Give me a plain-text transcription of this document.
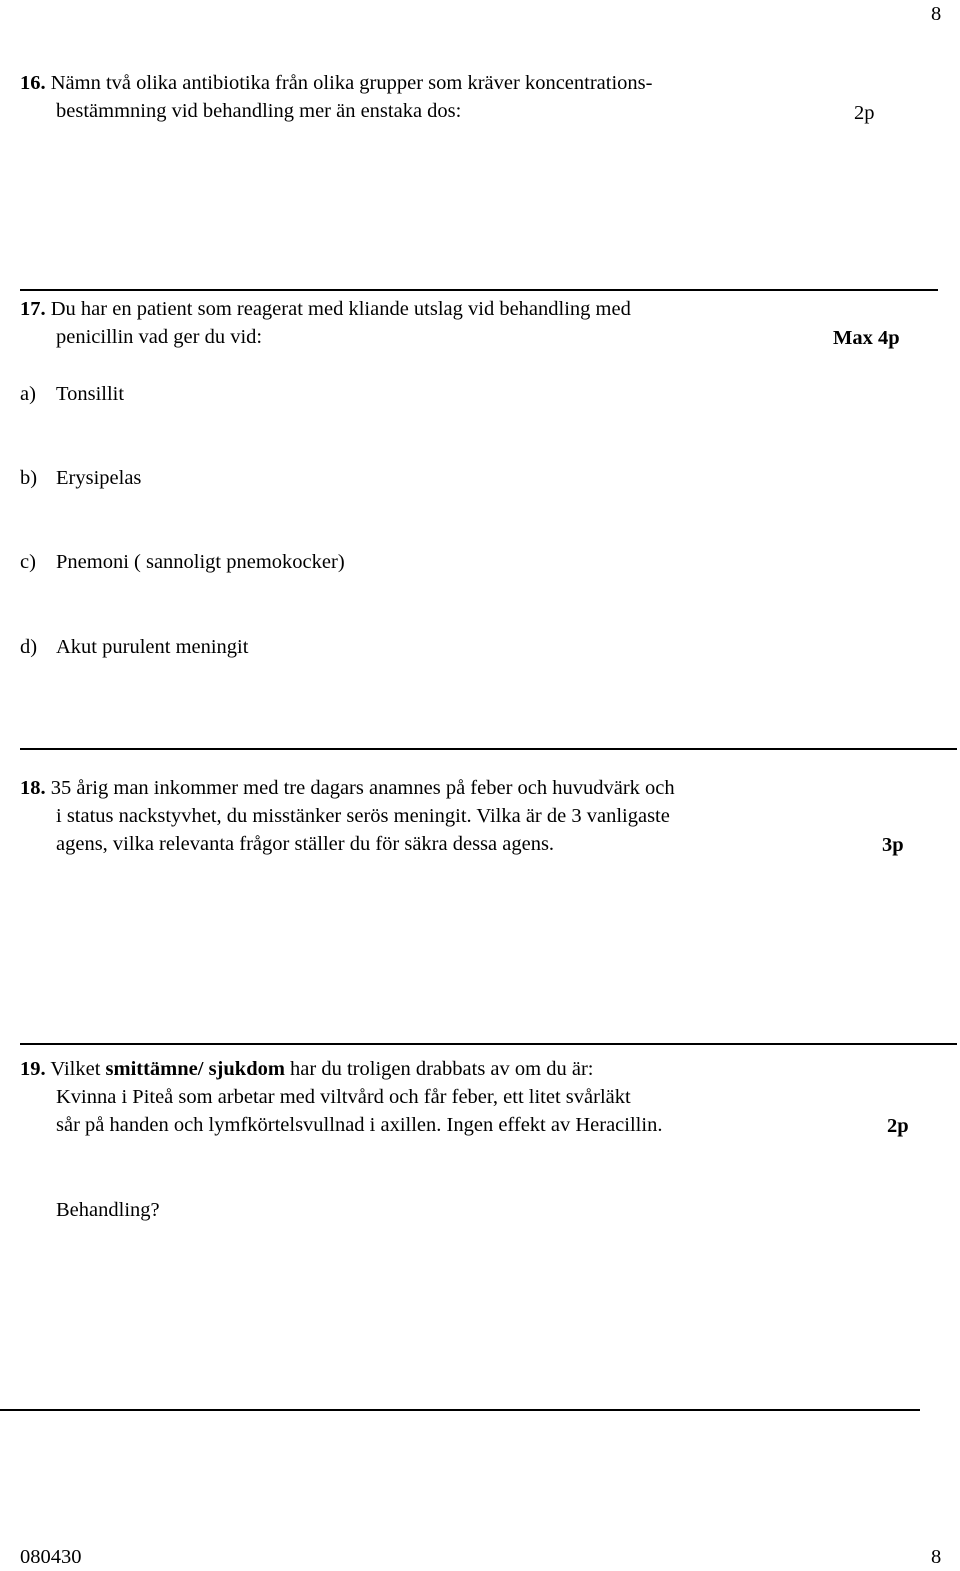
8
16. Nämn två olika antibiotika från olika grupper som kräver koncentrations-
bestämmning vid behandling mer än enstaka dos:	2p
17. Du har en patient som reagerat med kliande utslag vid behandling med
penicillin vad ger du vid:	Max 4p
a) Tonsillit
b) Erysipelas
c) Pnemoni ( sannoligt pnemokocker)
d) Akut purulent meningit
18. 35 årig man inkommer med tre dagars anamnes på feber och huvudvärk och
i status nackstyvhet, du misstänker serös meningit. Vilka är de 3 vanligaste
agens, vilka relevanta frågor ställer du för säkra dessa agens.	3p
19. Vilket smittämne/ sjukdom har du troligen drabbats av om du är:
Kvinna i Piteå som arbetar med viltvård och får feber, ett litet svårläkt
sår på handen och lymfkörtelsvullnad i axillen. Ingen effekt av Heracillin.	2p
Behandling?
080430	8
